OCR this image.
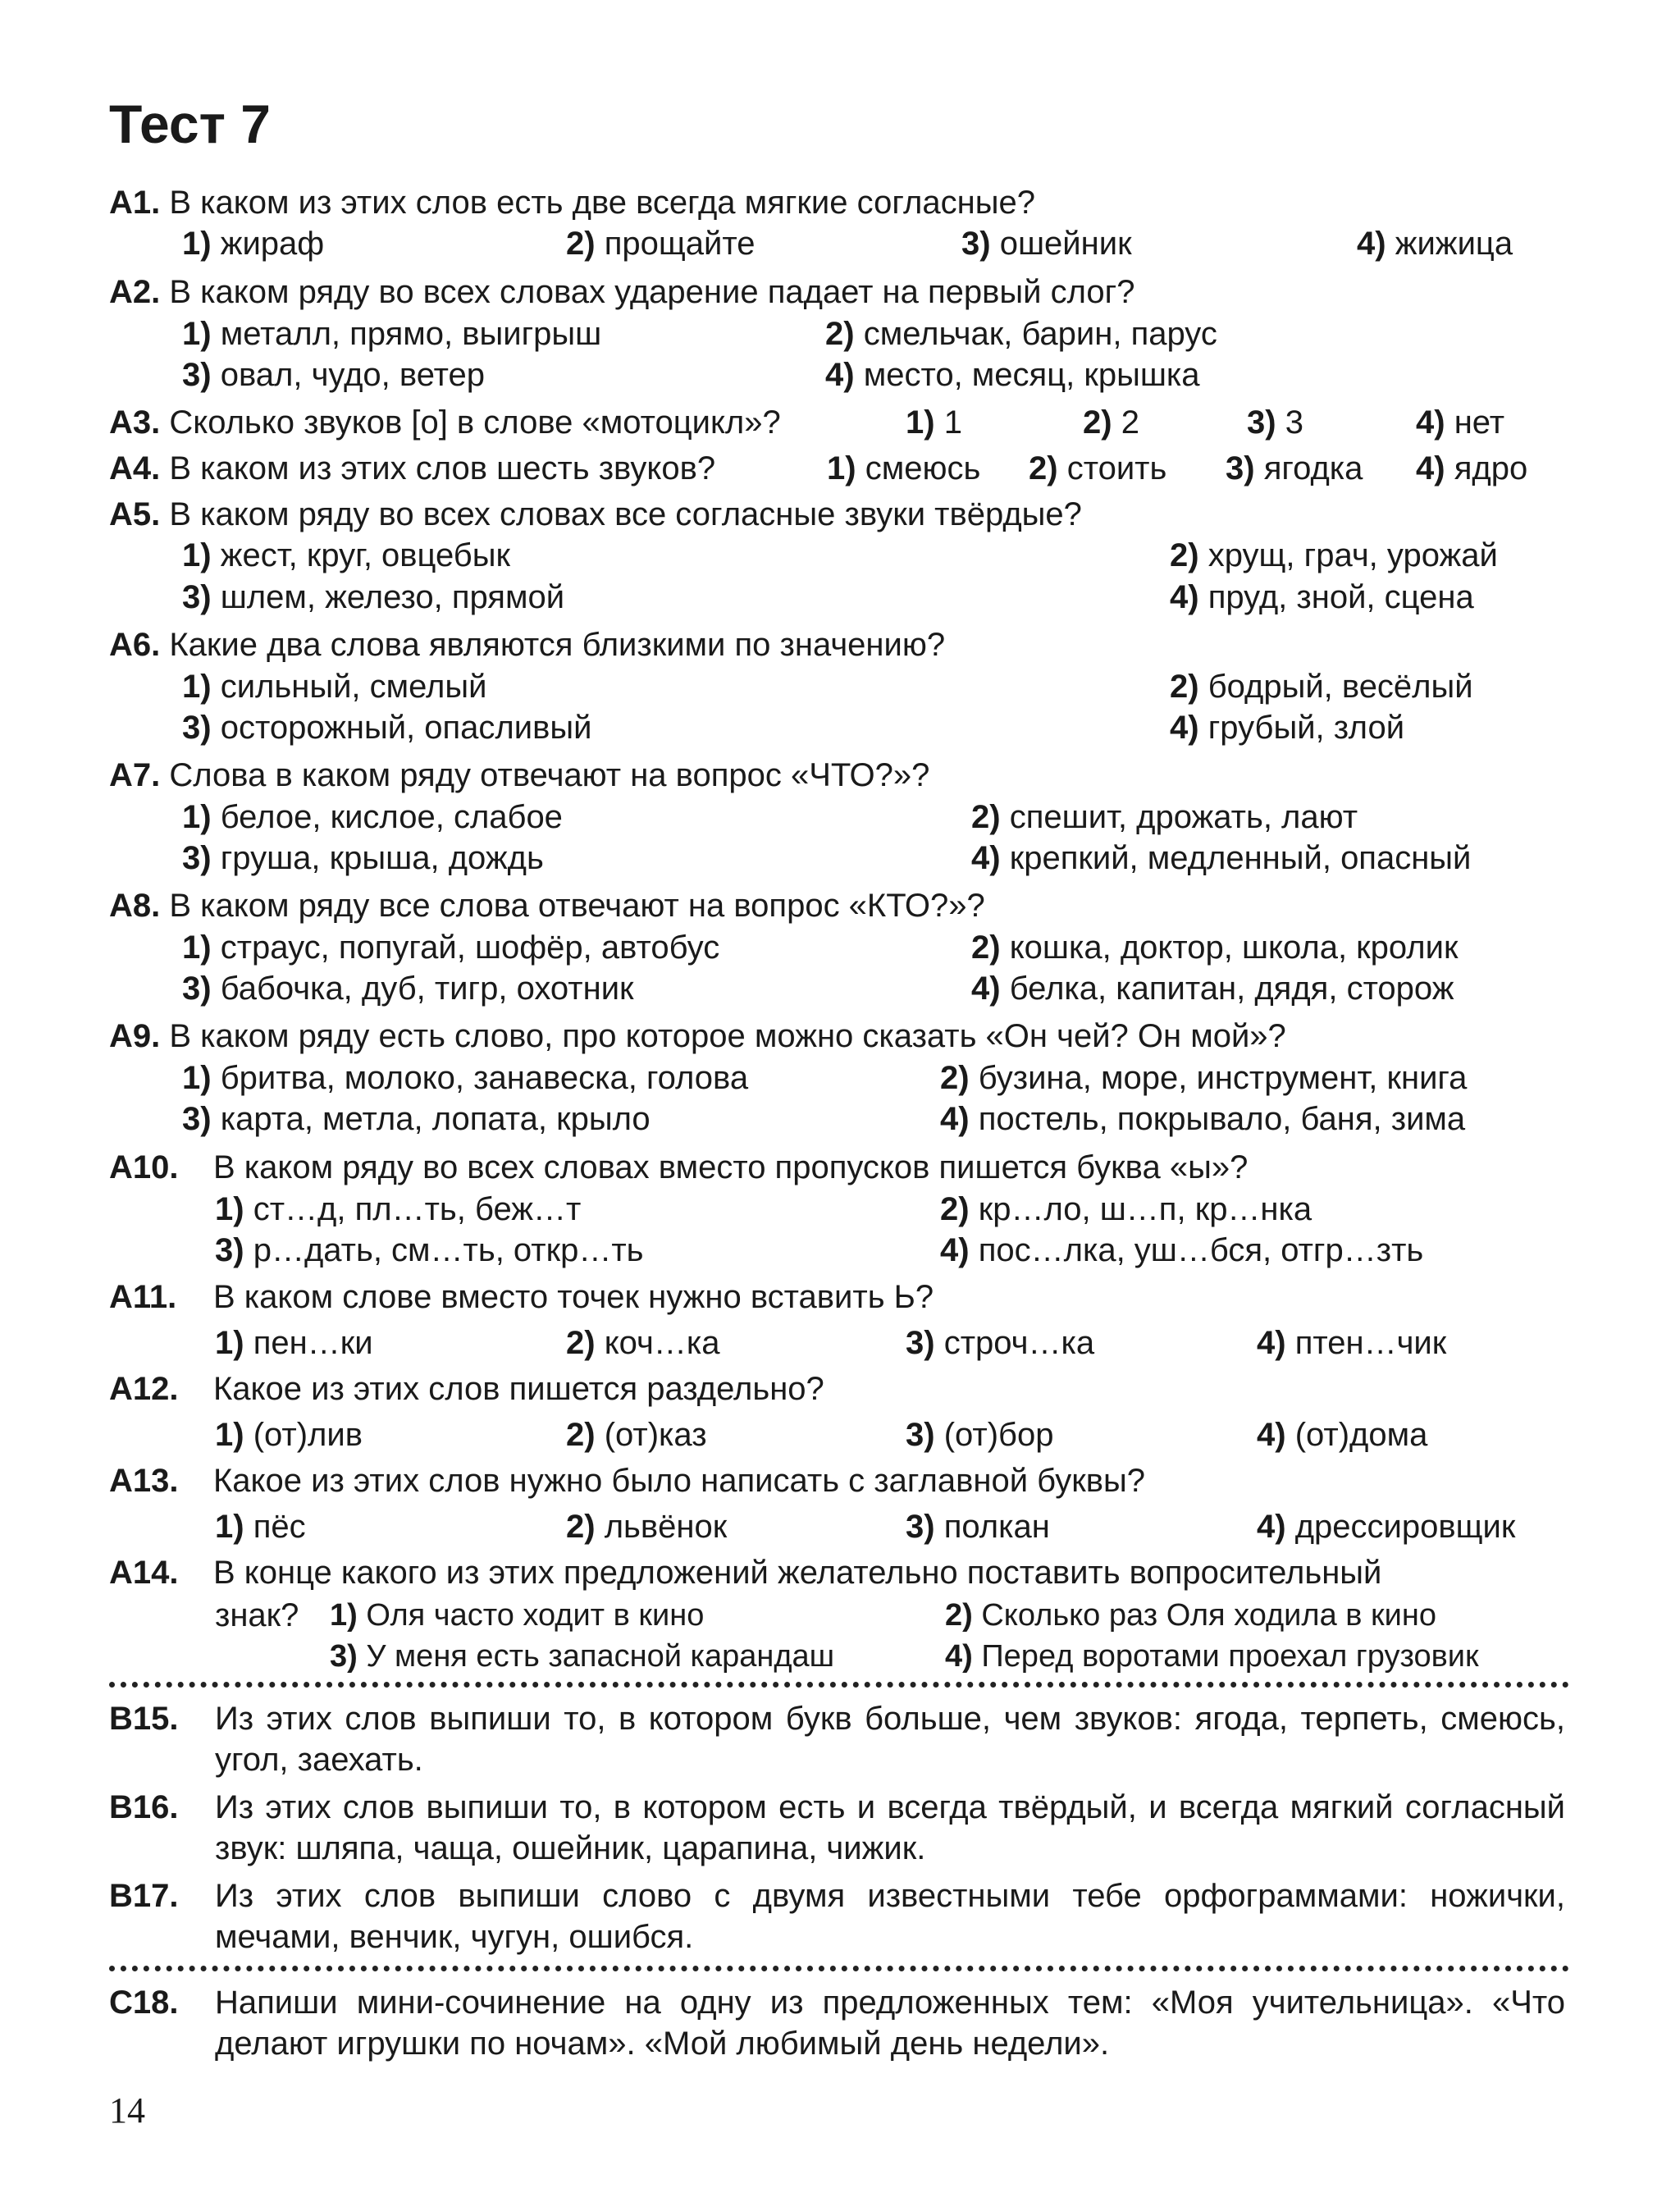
Тест 7
А1. В каком из этих слов есть две всегда мягкие согласные?
1) жираф	2) прощайте	3) ошейник	4) жижица
А2. В каком ряду во всех словах ударение падает на первый слог?
1) металл, прямо, выигрыш	2) смельчак, барин, парус
3) овал, чудо, ветер	4) место, месяц, крышка
А3. Сколько звуков [о] в слове «мотоцикл»?	1) 1	2) 2	3) 3	4) нет
А4. В каком из этих слов шесть звуков?	1) смеюсь 2) стоить 3) ягодка 4) ядро
А5. В каком ряду во всех словах все согласные звуки твёрдые?
1) жест, круг, овцебык	2) хрущ, грач, урожай
3) шлем, железо, прямой	4) пруд, зной, сцена
А6. Какие два слова являются близкими по значению?
1) сильный, смелый	2) бодрый, весёлый
3) осторожный, опасливый	4) грубый, злой
А7. Слова в каком ряду отвечают на вопрос «ЧТО?»?
1) белое, кислое, слабое	2) спешит, дрожать, лают
3) груша, крыша, дождь	4) крепкий, медленный, опасный
А8. В каком ряду все слова отвечают на вопрос «КТО?»?
1) страус, попугай, шофёр, автобус	2) кошка, доктор, школа, кролик
3) бабочка, дуб, тигр, охотник	4) белка, капитан, дядя, сторож
А9. В каком ряду есть слово, про которое можно сказать «Он чей? Он мой»?
1) бритва, молоко, занавеска, голова	2) бузина, море, инструмент, книга
3) карта, метла, лопата, крыло	4) постель, покрывало, баня, зима
А10. В каком ряду во всех словах вместо пропусков пишется буква «ы»?
1) ст…д, пл…ть, беж…т	2) кр…ло, ш…п, кр…нка
3) р…дать, см…ть, откр…ть	4) пос…лка, уш…бся, отгр…зть
А11. В каком слове вместо точек нужно вставить Ь?
1) пен…ки	2) коч…ка	3) строч…ка	4) птен…чик
А12. Какое из этих слов пишется раздельно?
1) (от)лив	2) (от)каз	3) (от)бор	4) (от)дома
А13. Какое из этих слов нужно было написать с заглавной буквы?
1) пёс	2) львёнок	3) полкан	4) дрессировщик
А14. В конце какого из этих предложений желательно поставить вопросительный
знак? 1) Оля часто ходит в кино	2) Сколько раз Оля ходила в кино
3) У меня есть запасной карандаш	4) Перед воротами проехал грузовик
В15. Из этих слов выпиши то, в котором букв больше, чем звуков: ягода, терпеть, смеюсь, угол, заехать.
В16. Из этих слов выпиши то, в котором есть и всегда твёрдый, и всегда мягкий согласный звук: шляпа, чаща, ошейник, царапина, чижик.
В17. Из этих слов выпиши слово с двумя известными тебе орфограммами: ножички, мечами, венчик, чугун, ошибся.
С18. Напиши мини-сочинение на одну из предложенных тем: «Моя учительница». «Что делают игрушки по ночам». «Мой любимый день недели».
14
